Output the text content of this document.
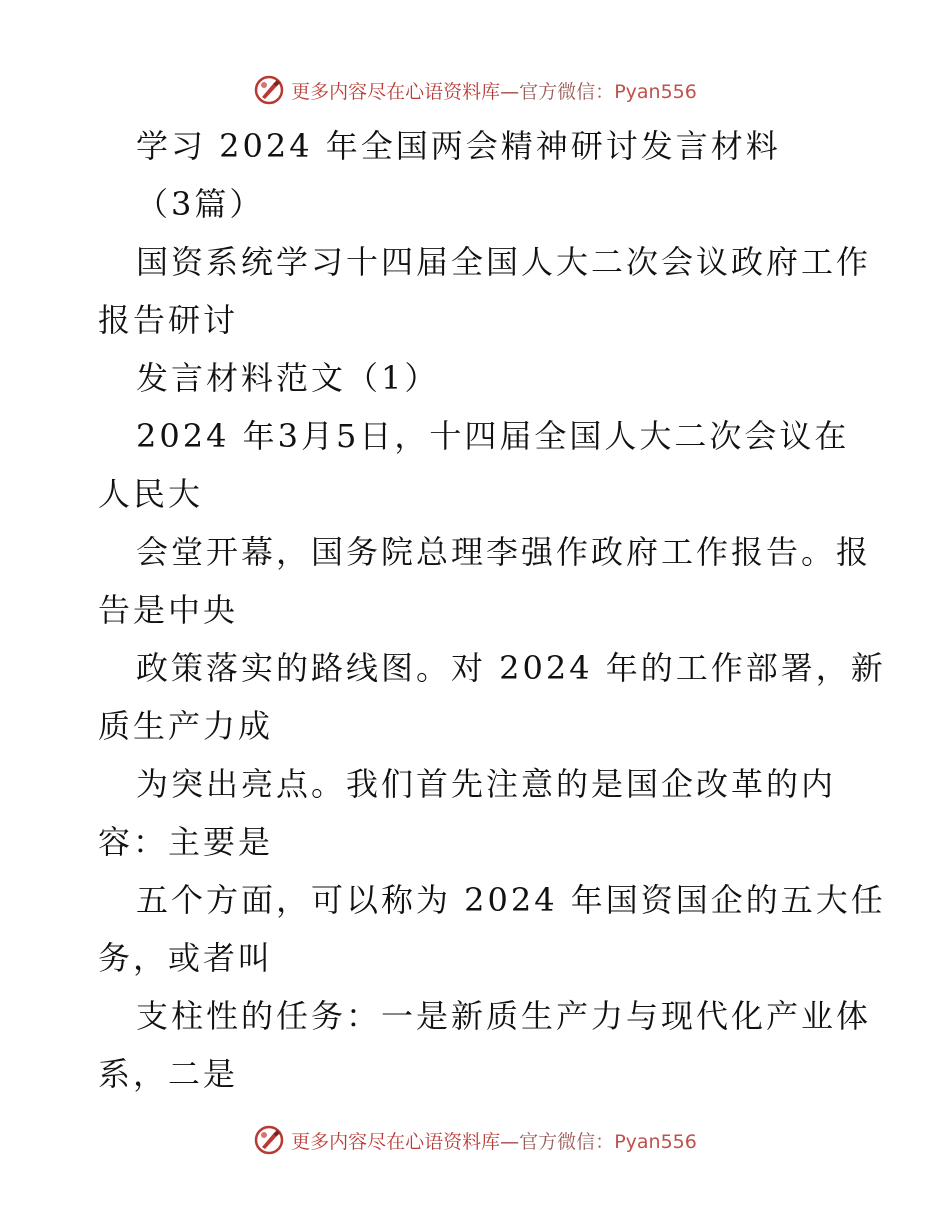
更多内容尽在心语资料库—官方微信：Pyan556
学习 2024 年全国两会精神研讨发言材料
（3篇）
国资系统学习十四届全国人大二次会议政府工作
报告研讨
发言材料范文（1）
2024 年3月5日，十四届全国人大二次会议在
人民大
会堂开幕，国务院总理李强作政府工作报告。报
告是中央
政策落实的路线图。对 2024 年的工作部署，新
质生产力成
为突出亮点。我们首先注意的是国企改革的内
容：主要是
五个方面，可以称为 2024 年国资国企的五大任
务，或者叫
支柱性的任务：一是新质生产力与现代化产业体
系，二是
更多内容尽在心语资料库—官方微信：Pyan556
